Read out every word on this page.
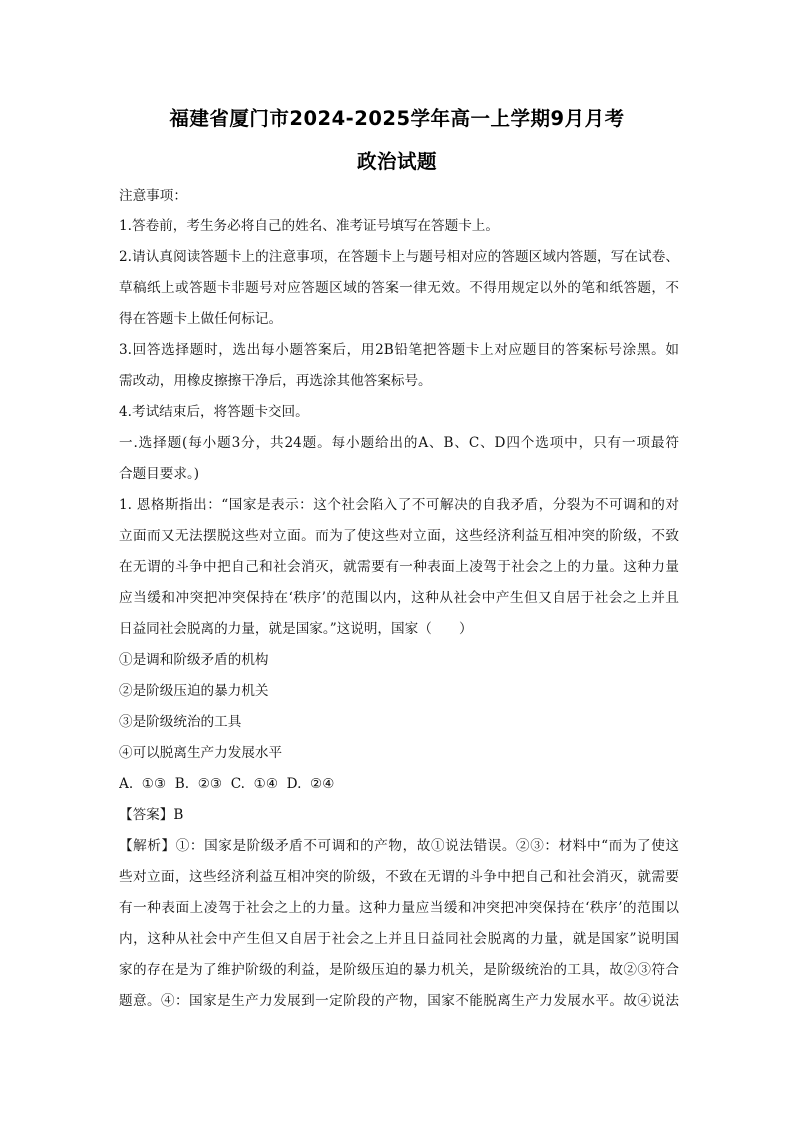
福建省厦门市2024-2025学年高一上学期9月月考
政治试题
注意事项：
1.答卷前，考生务必将自己的姓名、准考证号填写在答题卡上。
2.请认真阅读答题卡上的注意事项，在答题卡上与题号相对应的答题区域内答题，写在试卷、
草稿纸上或答题卡非题号对应答题区域的答案一律无效。不得用规定以外的笔和纸答题，不
得在答题卡上做任何标记。
3.回答选择题时，选出每小题答案后，用2B铅笔把答题卡上对应题目的答案标号涂黑。如
需改动，用橡皮擦擦干净后，再选涂其他答案标号。
4.考试结束后，将答题卡交回。
一.选择题(每小题3分，共24题。每小题给出的A、B、C、D四个选项中，只有一项最符
合题目要求。)
1. 恩格斯指出：“国家是表示：这个社会陷入了不可解决的自我矛盾，分裂为不可调和的对
立面而又无法摆脱这些对立面。而为了使这些对立面，这些经济利益互相冲突的阶级，不致
在无谓的斗争中把自己和社会消灭，就需要有一种表面上凌驾于社会之上的力量。这种力量
应当缓和冲突把冲突保持在‘秩序’的范围以内，这种从社会中产生但又自居于社会之上并且
日益同社会脱离的力量，就是国家。”这说明，国家（　　）
①是调和阶级矛盾的机构
②是阶级压迫的暴力机关
③是阶级统治的工具
④可以脱离生产力发展水平
A.  ①③  B.  ②③  C.  ①④  D.  ②④
【答案】B
【解析】①：国家是阶级矛盾不可调和的产物，故①说法错误。②③：材料中“而为了使这
些对立面，这些经济利益互相冲突的阶级，不致在无谓的斗争中把自己和社会消灭，就需要
有一种表面上凌驾于社会之上的力量。这种力量应当缓和冲突把冲突保持在‘秩序’的范围以
内，这种从社会中产生但又自居于社会之上并且日益同社会脱离的力量，就是国家”说明国
家的存在是为了维护阶级的利益，是阶级压迫的暴力机关，是阶级统治的工具，故②③符合
题意。④：国家是生产力发展到一定阶段的产物，国家不能脱离生产力发展水平。故④说法
